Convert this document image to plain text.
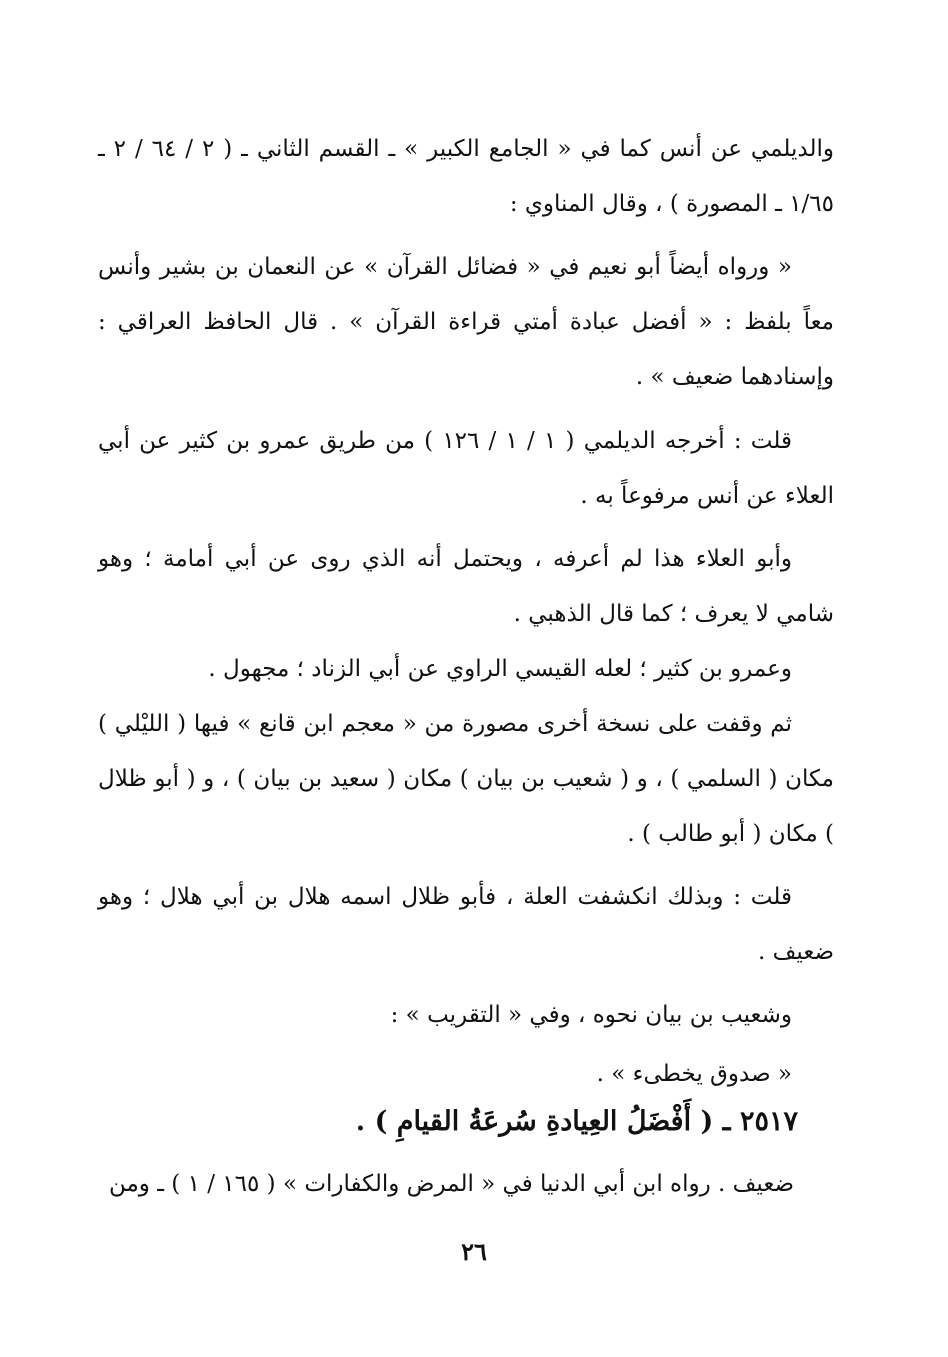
والديلمي عن أنس كما في « الجامع الكبير » ـ القسم الثاني ـ ( ٢ / ٦٤ / ٢ ـ ١/٦٥ ـ المصورة ) ، وقال المناوي :

« ورواه أيضاً أبو نعيم في « فضائل القرآن » عن النعمان بن بشير وأنس معاً بلفظ : « أفضل عبادة أمتي قراءة القرآن » . قال الحافظ العراقي : وإسنادهما ضعيف » .

قلت : أخرجه الديلمي ( ١ / ١ / ١٢٦ ) من طريق عمرو بن كثير عن أبي العلاء عن أنس مرفوعاً به .

وأبو العلاء هذا لم أعرفه ، ويحتمل أنه الذي روى عن أبي أمامة ؛ وهو شامي لا يعرف ؛ كما قال الذهبي .

وعمرو بن كثير ؛ لعله القيسي الراوي عن أبي الزناد ؛ مجهول .

ثم وقفت على نسخة أخرى مصورة من « معجم ابن قانع » فيها ( الليْلي ) مكان ( السلمي ) ، و ( شعيب بن بيان ) مكان ( سعيد بن بيان ) ، و ( أبو ظلال ) مكان ( أبو طالب ) .

قلت : وبذلك انكشفت العلة ، فأبو ظلال اسمه هلال بن أبي هلال ؛ وهو ضعيف .

وشعيب بن بيان نحوه ، وفي « التقريب » :

« صدوق يخطىء » .

٢٥١٧ ـ ( أَفْضَلُ العِيادةِ سُرعَةُ القيامِ ) .
ضعيف . رواه ابن أبي الدنيا في « المرض والكفارات » ( ١٦٥ / ١ ) ـ ومن
٢٦
